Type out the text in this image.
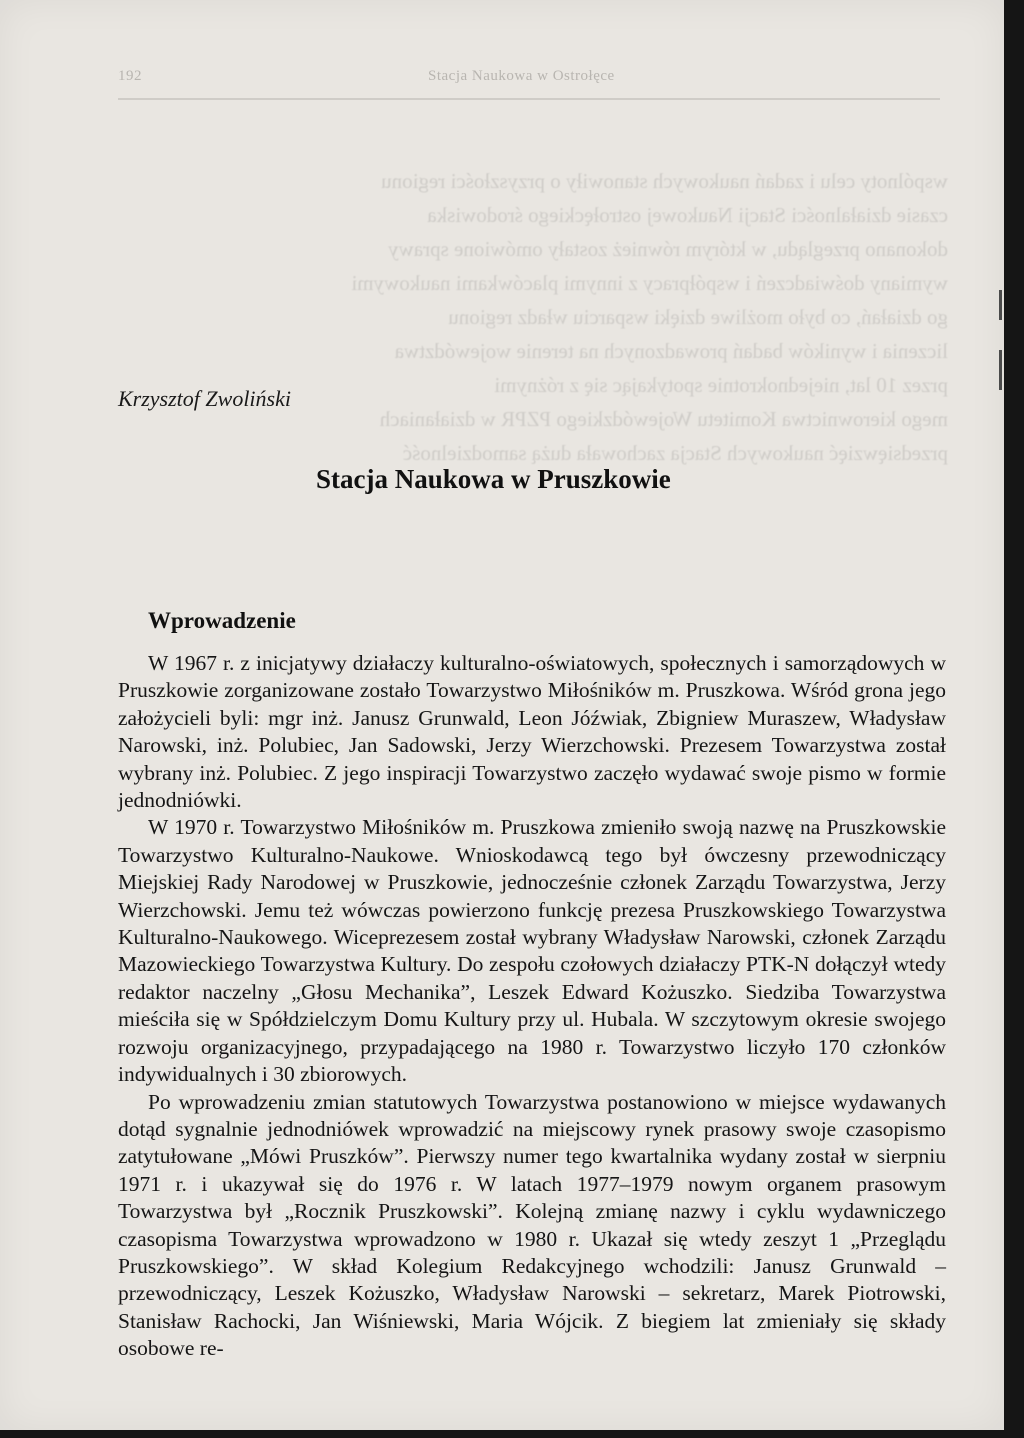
192	Stacja Naukowa w Ostrołęce

wspólnoty celu i zadań naukowych stanowiły o przyszłości regionu
czasie działalności Stacji Naukowej ostrołęckiego środowiska
dokonano przeglądu, w którym również zostały omówione sprawy
wymiany doświadczeń i współpracy z innymi placówkami naukowymi
go działań, co było możliwe dzięki wsparciu władz regionu
liczenia i wyników badań prowadzonych na terenie województwa
przez 10 lat, niejednokrotnie spotykając się z różnymi
mego kierownictwa Komitetu Wojewódzkiego PZPR w działaniach
przedsięwzięć naukowych Stacja zachowała dużą samodzielność

Krzysztof Zwoliński
Stacja Naukowa w Pruszkowie
Wprowadzenie

W 1967 r. z inicjatywy działaczy kulturalno-oświatowych, społecznych i samorządowych w Pruszkowie zorganizowane zostało Towarzystwo Miłośników m. Pruszkowa. Wśród grona jego założycieli byli: mgr inż. Janusz Grunwald, Leon Jóźwiak, Zbigniew Muraszew, Władysław Narowski, inż. Polubiec, Jan Sadowski, Jerzy Wierzchowski. Prezesem Towarzystwa został wybrany inż. Polubiec. Z jego inspiracji Towarzystwo zaczęło wydawać swoje pismo w formie jednodniówki.

W 1970 r. Towarzystwo Miłośników m. Pruszkowa zmieniło swoją nazwę na Pruszkowskie Towarzystwo Kulturalno-Naukowe. Wnioskodawcą tego był ówczesny przewodniczący Miejskiej Rady Narodowej w Pruszkowie, jednocześnie członek Zarządu Towarzystwa, Jerzy Wierzchowski. Jemu też wówczas powierzono funkcję prezesa Pruszkowskiego Towarzystwa Kulturalno-Naukowego. Wiceprezesem został wybrany Władysław Narowski, członek Zarządu Mazowieckiego Towarzystwa Kultury. Do zespołu czołowych działaczy PTK-N dołączył wtedy redaktor naczelny „Głosu Mechanika”, Leszek Edward Kożuszko. Siedziba Towarzystwa mieściła się w Spółdzielczym Domu Kultury przy ul. Hubala. W szczytowym okresie swojego rozwoju organizacyjnego, przypadającego na 1980 r. Towarzystwo liczyło 170 członków indywidualnych i 30 zbiorowych.

Po wprowadzeniu zmian statutowych Towarzystwa postanowiono w miejsce wydawanych dotąd sygnalnie jednodniówek wprowadzić na miejscowy rynek prasowy swoje czasopismo zatytułowane „Mówi Pruszków”. Pierwszy numer tego kwartalnika wydany został w sierpniu 1971 r. i ukazywał się do 1976 r. W latach 1977–1979 nowym organem prasowym Towarzystwa był „Rocznik Pruszkowski”. Kolejną zmianę nazwy i cyklu wydawniczego czasopisma Towarzystwa wprowadzono w 1980 r. Ukazał się wtedy zeszyt 1 „Przeglądu Pruszkowskiego”. W skład Kolegium Redakcyjnego wchodzili: Janusz Grunwald – przewodniczący, Leszek Kożuszko, Władysław Narowski – sekretarz, Marek Piotrowski, Stanisław Rachocki, Jan Wiśniewski, Maria Wójcik. Z biegiem lat zmieniały się składy osobowe re-
